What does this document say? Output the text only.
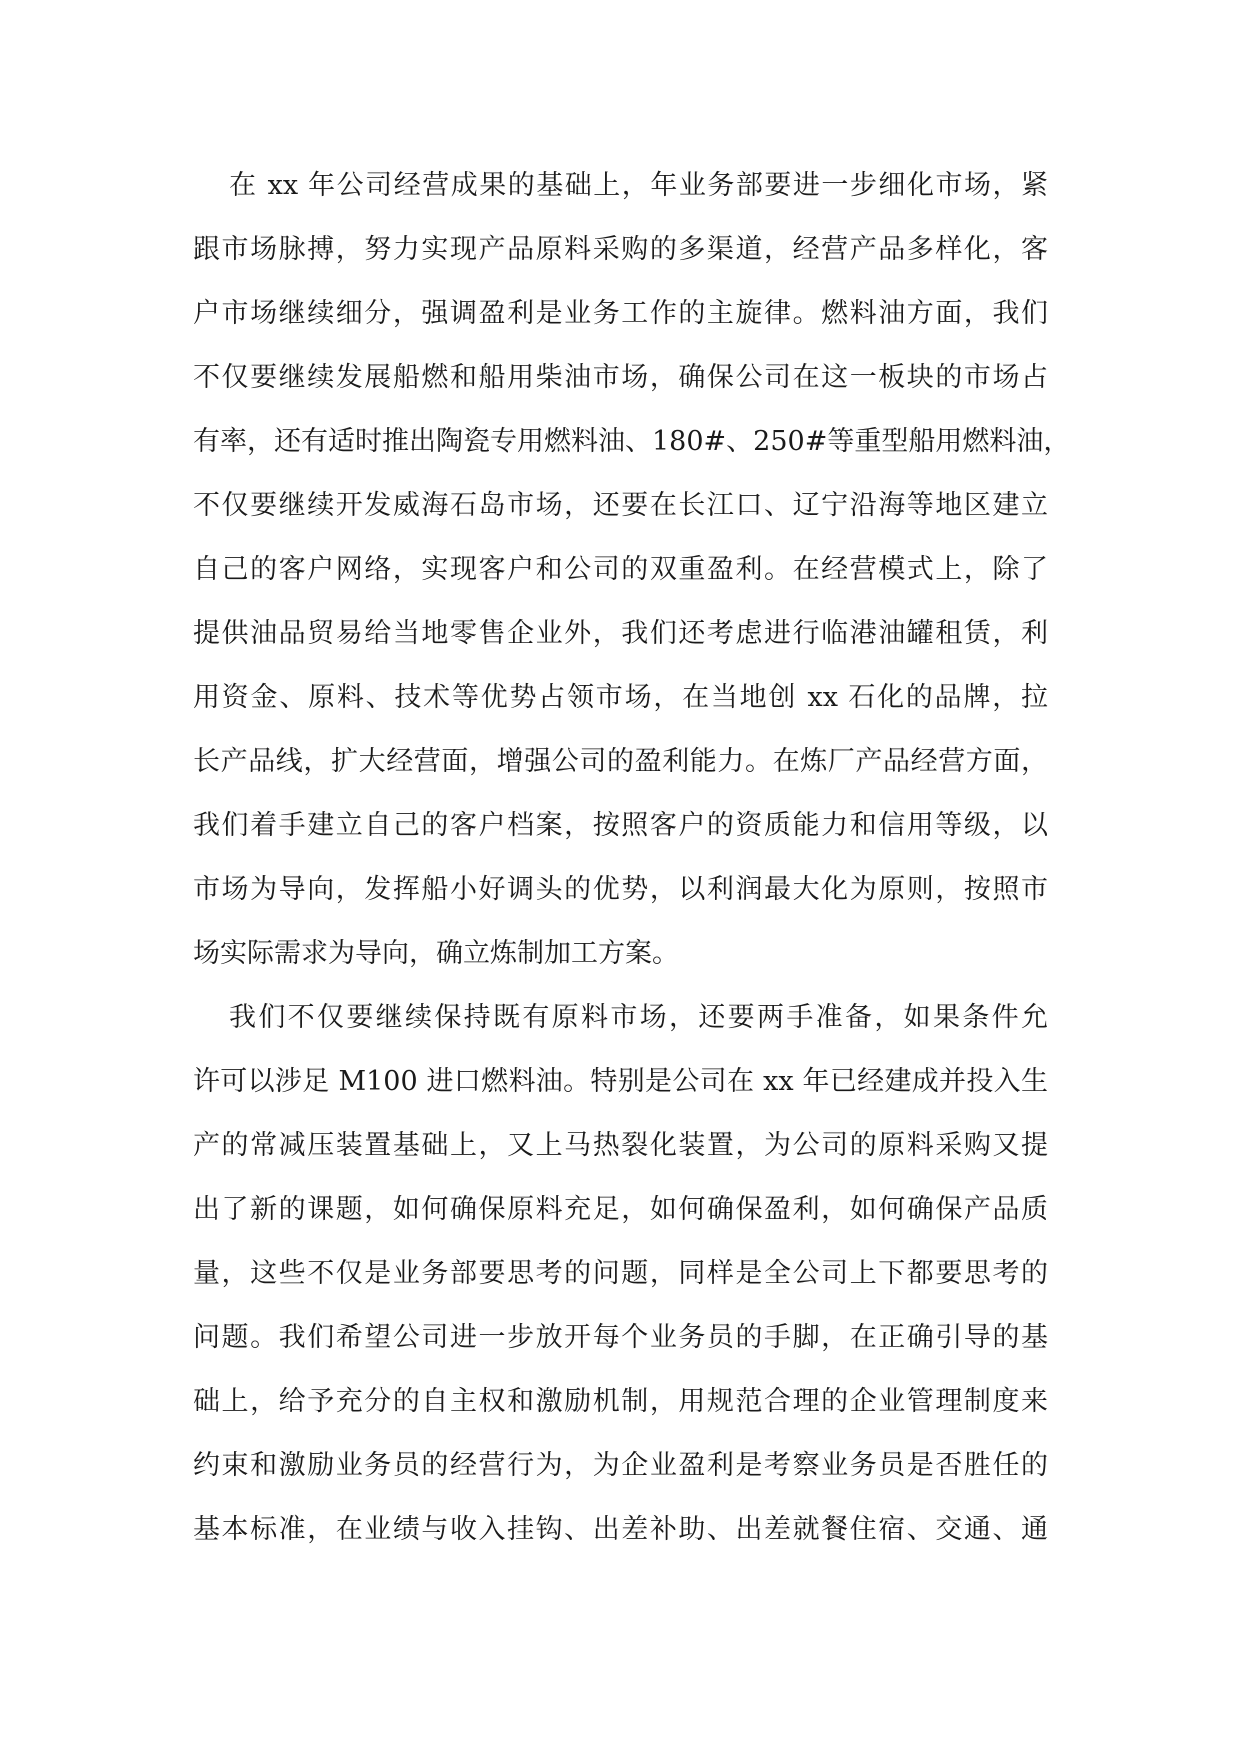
在 xx 年公司经营成果的基础上，年业务部要进一步细化市场，紧
跟市场脉搏，努力实现产品原料采购的多渠道，经营产品多样化，客
户市场继续细分，强调盈利是业务工作的主旋律。燃料油方面，我们
不仅要继续发展船燃和船用柴油市场，确保公司在这一板块的市场占
有率，还有适时推出陶瓷专用燃料油、180#、250#等重型船用燃料油，
不仅要继续开发威海石岛市场，还要在长江口、辽宁沿海等地区建立
自己的客户网络，实现客户和公司的双重盈利。在经营模式上，除了
提供油品贸易给当地零售企业外，我们还考虑进行临港油罐租赁，利
用资金、原料、技术等优势占领市场，在当地创 xx 石化的品牌，拉
长产品线，扩大经营面，增强公司的盈利能力。在炼厂产品经营方面，
我们着手建立自己的客户档案，按照客户的资质能力和信用等级，以
市场为导向，发挥船小好调头的优势，以利润最大化为原则，按照市
场实际需求为导向，确立炼制加工方案。
我们不仅要继续保持既有原料市场，还要两手准备，如果条件允
许可以涉足 M100 进口燃料油。特别是公司在 xx 年已经建成并投入生
产的常减压装置基础上，又上马热裂化装置，为公司的原料采购又提
出了新的课题，如何确保原料充足，如何确保盈利，如何确保产品质
量，这些不仅是业务部要思考的问题，同样是全公司上下都要思考的
问题。我们希望公司进一步放开每个业务员的手脚，在正确引导的基
础上，给予充分的自主权和激励机制，用规范合理的企业管理制度来
约束和激励业务员的经营行为，为企业盈利是考察业务员是否胜任的
基本标准，在业绩与收入挂钩、出差补助、出差就餐住宿、交通、通
